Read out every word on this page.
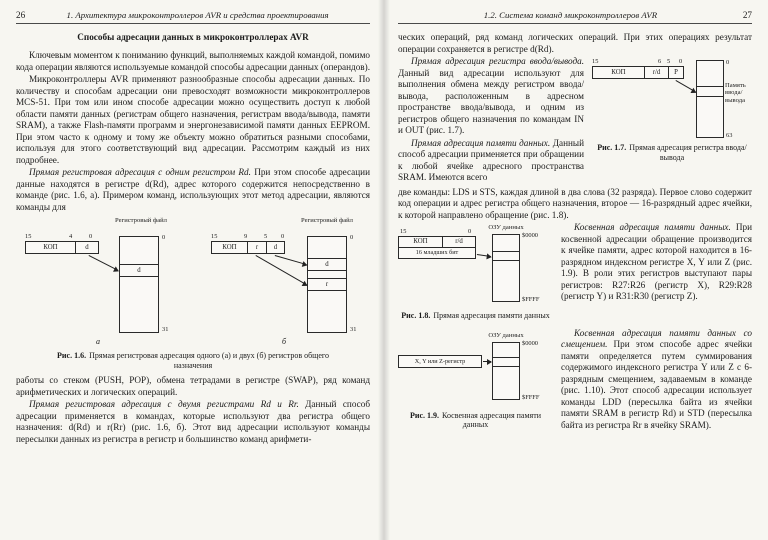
26	1. Архитектура микроконтроллеров AVR и средства проектирования
Способы адресации данных в микроконтроллерах AVR

Ключевым моментом к пониманию функций, выполняемых каждой командой, помимо кода операции являются используемые командой способы адресации данных (операндов).

Микроконтроллеры AVR применяют разнообразные способы адресации данных. По количеству и способам адресации они превосходят возможности микроконтроллеров MCS-51. При том или ином способе адресации можно осуществить доступ к любой области памяти данных (регистрам общего назначения, регистрам ввода/вывода, памяти SRAM), а также Flash-памяти программ и энергонезависимой памяти данных EEPROM. При этом часто к одному и тому же объекту можно обратиться разными способами, используя для этого соответствующий вид адресации. Рассмотрим каждый из них подробнее.

Прямая регистровая адресация с одним регистром Rd. При этом способе адресации данные находятся в регистре d(Rd), адрес которого содержится непосредственно в команде (рис. 1.6, а). Примером команд, использующих этот метод адресации, являются команды для

Регистровый файл
15	4	0
КОП	d
d
0
31
а
Регистровый файл
15	9	5 0
КОП	r	d
d
r
0
31
б
Рис. 1.6. Прямая регистровая адресация одного (а) и двух (б) регистров общего назначения

работы со стеком (PUSH, POP), обмена тетрадами в регистре (SWAP), ряд команд арифметических и логических операций.

Прямая регистровая адресация с двумя регистрами Rd и Rr. Данный способ адресации применяется в командах, которые используют два регистра общего назначения: d(Rd) и r(Rr) (рис. 1.6, б). Этот вид адресации используют команды пересылки данных из регистра в регистр и большинство команд арифмети-

1.2. Система команд микроконтроллеров AVR	27

ческих операций, ряд команд логических операций. При этих операциях результат операции сохраняется в регистре d(Rd).

Прямая адресация регистра ввода/вывода. Данный вид адресации используют для выполнения обмена между регистром ввода/вывода, расположенным в адресном пространстве ввода/вывода, и одним из регистров общего назначения по командам IN и OUT (рис. 1.7).

Прямая адресация памяти данных. Данный способ адресации применяется при обращении к любой ячейке адресного пространства SRAM. Имеются всего

15	6 5 0
КОП	r/d	P
0
63
Память ввода/вывода
Рис. 1.7. Прямая адресация регистра ввода/вывода

две команды: LDS и STS, каждая длиной в два слова (32 разряда). Первое слово содержит код операции и адрес регистра общего назначения, второе — 16-разрядный адрес ячейки, к которой направлено обращение (рис. 1.8).

ОЗУ данных
15	0
КОП	r/d
16 младших бит
$0000
$FFFF
Рис. 1.8. Прямая адресация памяти данных

Косвенная адресация памяти данных. При косвенной адресации обращение производится к ячейке памяти, адрес которой находится в 16-разрядном индексном регистре X, Y или Z (рис. 1.9). В роли этих регистров выступают пары регистров: R27:R26 (регистр X), R29:R28 (регистр Y) и R31:R30 (регистр Z).

ОЗУ данных
X, Y или Z-регистр
$0000
$FFFF
Рис. 1.9. Косвенная адресация памяти данных

Косвенная адресация памяти данных со смещением. При этом способе адрес ячейки памяти определяется путем суммирования содержимого индексного регистра Y или Z с 6-разрядным смещением, задаваемым в команде (рис. 1.10). Этот способ адресации использует команды LDD (пересылка байта из ячейки памяти SRAM в регистр Rd) и STD (пересылка байта из регистра Rr в ячейку SRAM).
